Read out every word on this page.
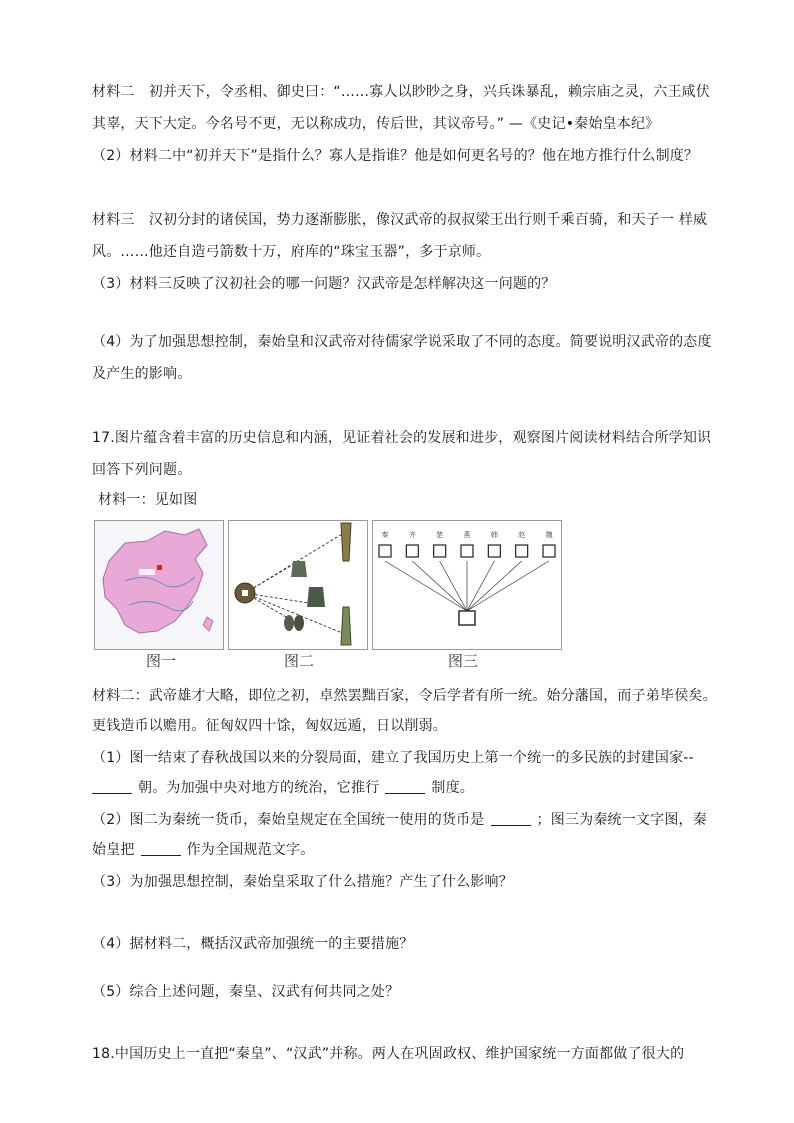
材料二　初并天下，令丞相、御史曰：“……寡人以眇眇之身，兴兵诛暴乱，赖宗庙之灵，六王咸伏
其辜，天下大定。今名号不更，无以称成功，传后世，其议帝号。” —《史记•秦始皇本纪》
（2）材料二中“初并天下”是指什么？寡人是指谁？他是如何更名号的？他在地方推行什么制度？
材料三　汉初分封的诸侯国，势力逐渐膨胀，像汉武帝的叔叔梁王出行则千乘百骑，和天子一 样威
风。……他还自造弓箭数十万，府库的“珠宝玉器”，多于京师。
（3）材料三反映了汉初社会的哪一问题？汉武帝是怎样解决这一问题的？
（4）为了加强思想控制，秦始皇和汉武帝对待儒家学说采取了不同的态度。简要说明汉武帝的态度
及产生的影响。
17.图片蕴含着丰富的历史信息和内涵，见证着社会的发展和进步，观察图片阅读材料结合所学知识
回答下列问题。
材料一：见如图
秦	齐	楚	燕	韩	赵	魏
图一	图二	图三
材料二：武帝雄才大略，即位之初，卓然罢黜百家，令后学者有所一统。始分藩国，而子弟毕侯矣。
更钱造币以赡用。征匈奴四十馀，匈奴远遁，日以削弱。
（1）图一结束了春秋战国以来的分裂局面，建立了我国历史上第一个统一的多民族的封建国家--
朝。为加强中央对地方的统治，它推行	制度。
（2）图二为秦统一货币，秦始皇规定在全国统一使用的货币是	；图三为秦统一文字图，秦
始皇把	作为全国规范文字。
（3）为加强思想控制，秦始皇采取了什么措施？产生了什么影响？
（4）据材料二，概括汉武帝加强统一的主要措施？
（5）综合上述问题，秦皇、汉武有何共同之处？
18.中国历史上一直把“秦皇”、“汉武”并称。两人在巩固政权、维护国家统一方面都做了很大的
